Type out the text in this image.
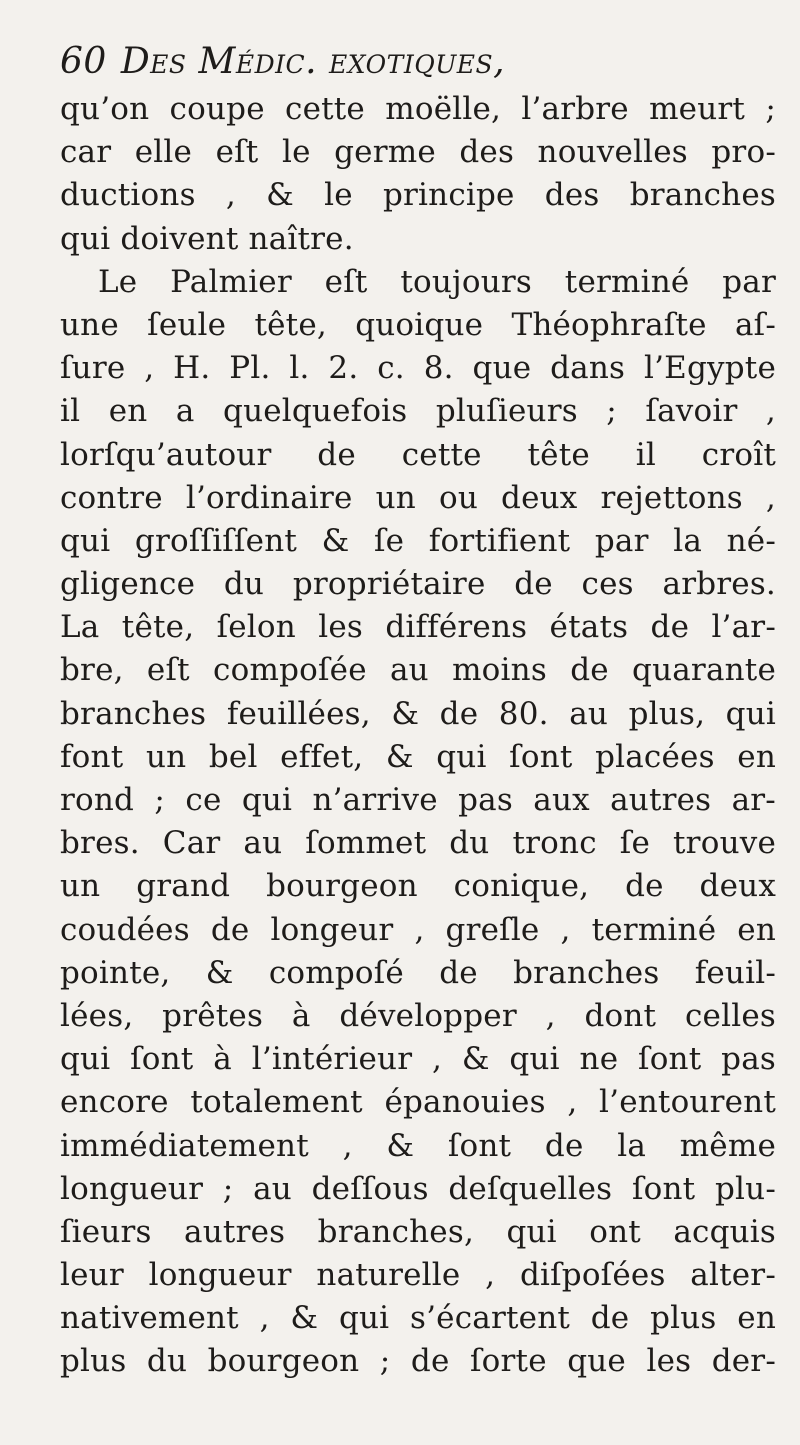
60 Des Médic. exotiques,
qu’on coupe cette moëlle, l’arbre meurt ;
car elle eſt le germe des nouvelles pro-
ductions , & le principe des branches
qui doivent naître.
Le Palmier eſt toujours terminé par
une ſeule tête, quoique Théophraſte aſ-
ſure , H. Pl. l. 2. c. 8. que dans l’Egypte
il en a quelquefois pluſieurs ; ſavoir ,
lorſqu’autour de cette tête il croît
contre l’ordinaire un ou deux rejettons ,
qui groſſiſſent & ſe fortifient par la né-
gligence du propriétaire de ces arbres.
La tête, ſelon les différens états de l’ar-
bre, eſt compoſée au moins de quarante
branches feuillées, & de 80. au plus, qui
font un bel effet, & qui ſont placées en
rond ; ce qui n’arrive pas aux autres ar-
bres. Car au ſommet du tronc ſe trouve
un grand bourgeon conique, de deux
coudées de longeur , greſle , terminé en
pointe, & compoſé de branches feuil-
lées, prêtes à développer , dont celles
qui ſont à l’intérieur , & qui ne ſont pas
encore totalement épanouies , l’entourent
immédiatement , & ſont de la même
longueur ; au deſſous deſquelles ſont plu-
ſieurs autres branches, qui ont acquis
leur longueur naturelle , diſpoſées alter-
nativement , & qui s’écartent de plus en
plus du bourgeon ; de ſorte que les der-
